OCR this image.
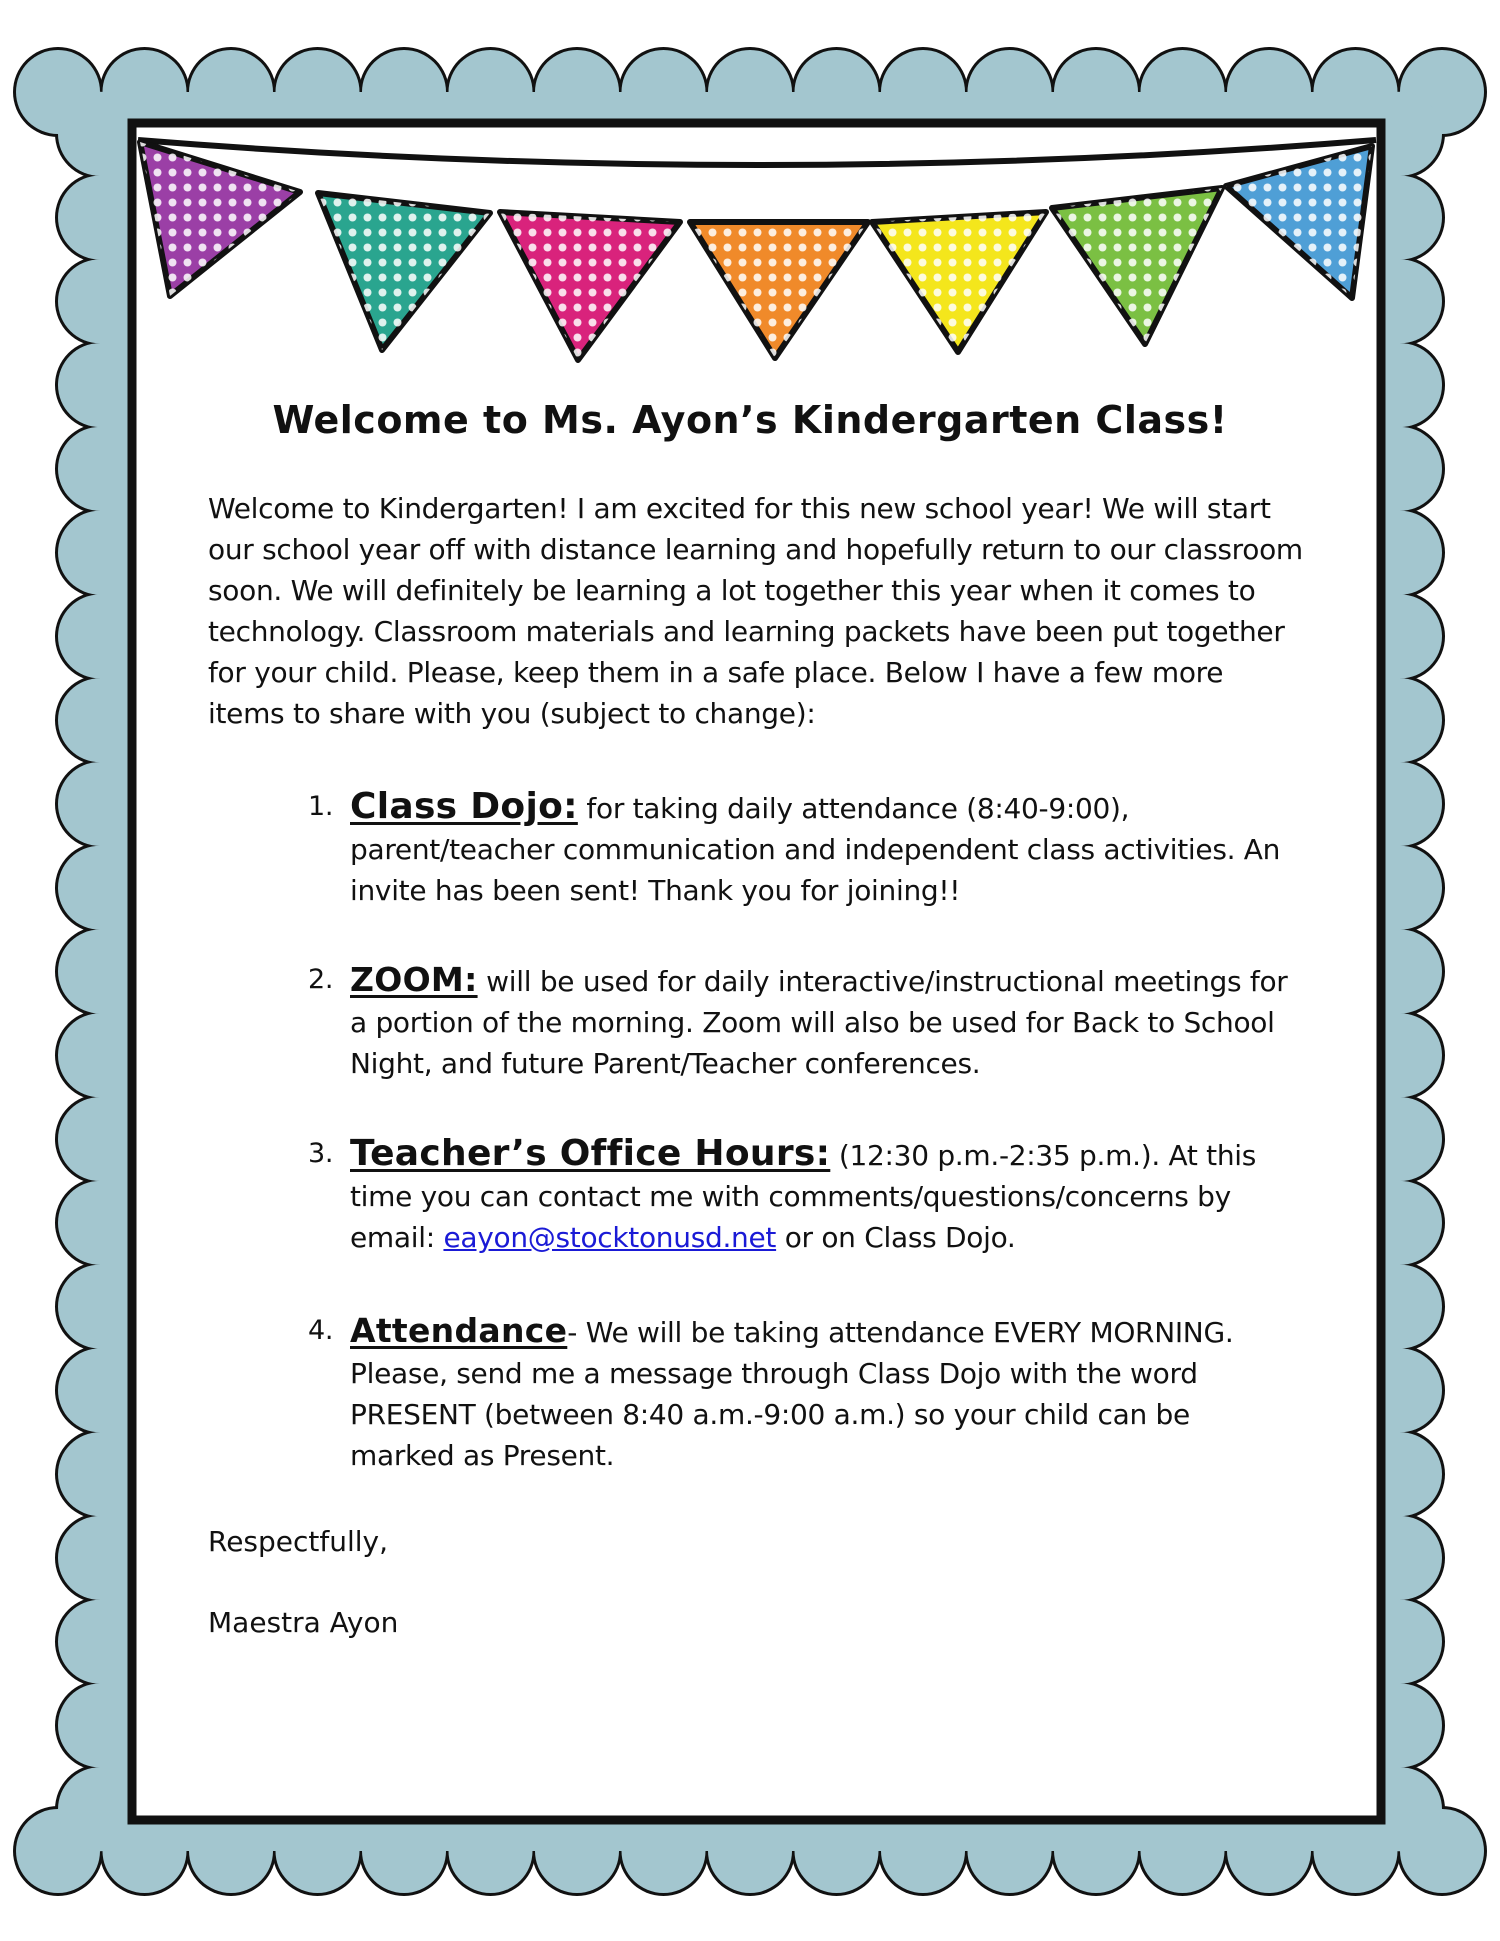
Welcome to Ms. Ayon’s Kindergarten Class!

Welcome to Kindergarten! I am excited for this new school year! We will start our school year off with distance learning and hopefully return to our classroom soon. We will definitely be learning a lot together this year when it comes to technology. Classroom materials and learning packets have been put together for your child. Please, keep them in a safe place. Below I have a few more items to share with you (subject to change):

1. Class Dojo: for taking daily attendance (8:40-9:00), parent/teacher communication and independent class activities. An invite has been sent! Thank you for joining!!
2. ZOOM: will be used for daily interactive/instructional meetings for a portion of the morning. Zoom will also be used for Back to School Night, and future Parent/Teacher conferences.
3. Teacher’s Office Hours: (12:30 p.m.-2:35 p.m.). At this time you can contact me with comments/questions/concerns by email: eayon@stocktonusd.net or on Class Dojo.
4. Attendance- We will be taking attendance EVERY MORNING. Please, send me a message through Class Dojo with the word PRESENT (between 8:40 a.m.-9:00 a.m.) so your child can be marked as Present.

Respectfully,

Maestra Ayon
